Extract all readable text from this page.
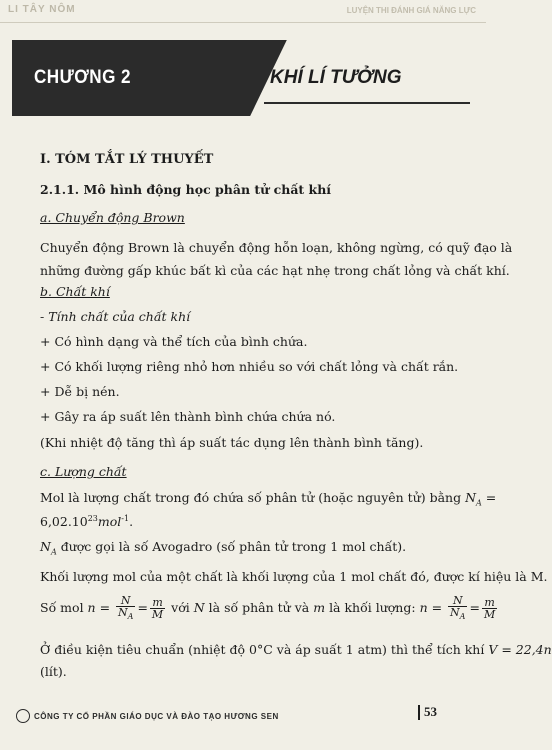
LI TÂY NÔM	LUYỆN THI ĐÁNH GIÁ NĂNG LỰC
CHƯƠNG 2	KHÍ LÍ TƯỞNG
I. TÓM TẮT LÝ THUYẾT
2.1.1. Mô hình động học phân tử chất khí
a. Chuyển động Brown
Chuyển động Brown là chuyển động hỗn loạn, không ngừng, có quỹ đạo là
những đường gấp khúc bất kì của các hạt nhẹ trong chất lỏng và chất khí.
b. Chất khí
- Tính chất của chất khí
+ Có hình dạng và thể tích của bình chứa.
+ Có khối lượng riêng nhỏ hơn nhiều so với chất lỏng và chất rắn.
+ Dễ bị nén.
+ Gây ra áp suất lên thành bình chứa chứa nó.
(Khi nhiệt độ tăng thì áp suất tác dụng lên thành bình tăng).
c. Lượng chất
Mol là lượng chất trong đó chứa số phân tử (hoặc nguyên tử) bằng $N_A$ =
$6,02.10^{23}mol^{-1}$.
$N_A$ được gọi là số Avogadro (số phân tử trong 1 mol chất).
Khối lượng mol của một chất là khối lượng của 1 mol chất đó, được kí hiệu là M.
Số mol $n = \frac{N}{N_A} = \frac{m}{M}$ với N là số phân tử và m là khối lượng: $n = \frac{N}{N_A} = \frac{m}{M}$
Ở điều kiện tiêu chuẩn (nhiệt độ 0°C và áp suất 1 atm) thì thể tích khí V = 22,4n
(lít).
CÔNG TY CỔ PHẦN GIÁO DỤC VÀ ĐÀO TẠO HƯƠNG SEN	53
